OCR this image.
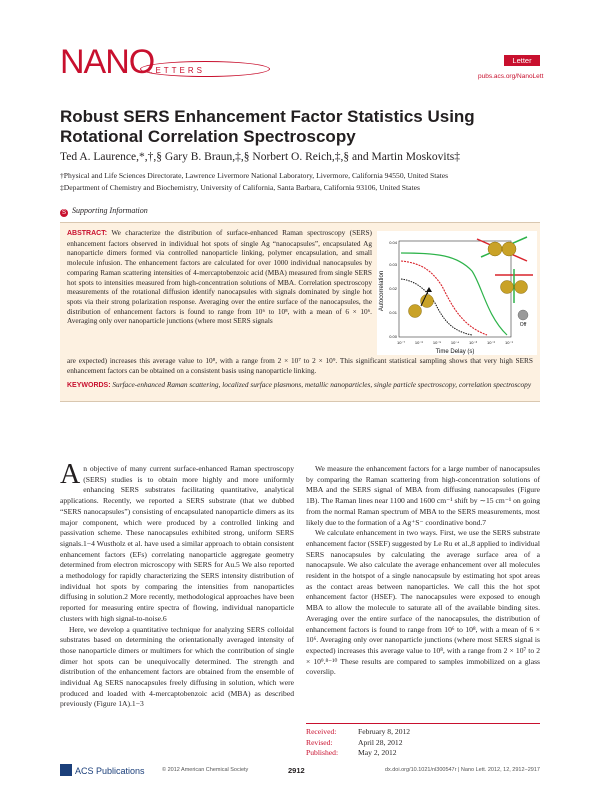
NANO
LETTERS
Letter
pubs.acs.org/NanoLett
Robust SERS Enhancement Factor Statistics Using Rotational Correlation Spectroscopy
Ted A. Laurence,*,†,§ Gary B. Braun,‡,§ Norbert O. Reich,‡,§ and Martin Moskovits‡
†Physical and Life Sciences Directorate, Lawrence Livermore National Laboratory, Livermore, California 94550, United States
‡Department of Chemistry and Biochemistry, University of California, Santa Barbara, California 93106, United States
S Supporting Information
ABSTRACT: We characterize the distribution of surface-enhanced Raman spectroscopy (SERS) enhancement factors observed in individual hot spots of single Ag “nanocapsules”, encapsulated Ag nanoparticle dimers formed via controlled nanoparticle linking, polymer encapsulation, and small molecule infusion. The enhancement factors are calculated for over 1000 individual nanocapsules by comparing Raman scattering intensities of 4-mercaptobenzoic acid (MBA) measured from single SERS hot spots to intensities measured from high-concentration solutions of MBA. Correlation spectroscopy measurements of the rotational diffusion identify nanocapsules with signals dominated by single hot spots via their strong polarization response. Averaging over the entire surface of the nanocapsules, the distribution of enhancement factors is found to range from 10⁶ to 10⁸, with a mean of 6 × 10⁶. Averaging only over nanoparticle junctions (where most SERS signals
are expected) increases this average value to 10⁸, with a range from 2 × 10⁷ to 2 × 10⁹. This significant statistical sampling shows that very high SERS enhancement factors can be obtained on a consistent basis using nanoparticle linking.
KEYWORDS: Surface-enhanced Raman scattering, localized surface plasmons, metallic nanoparticles, single particle spectroscopy, correlation spectroscopy
Autocorrelation
Time Delay (s)
0.00
0.01
0.02
0.03
0.04
10⁻⁷ 10⁻⁶ 10⁻⁵ 10⁻⁴ 10⁻³	10⁻²	10⁻¹
Off

An objective of many current surface-enhanced Raman spectroscopy (SERS) studies is to obtain more highly and more uniformly enhancing SERS substrates facilitating quantitative, analytical applications. Recently, we reported a SERS substrate (that we dubbed “SERS nanocapsules”) consisting of encapsulated nanoparticle dimers as its major component, which were produced by a controlled linking and passivation scheme. These nanocapsules exhibited strong, uniform SERS signals.1−4 Wustholz et al. have used a similar approach to obtain consistent enhancement factors (EFs) correlating nanoparticle aggregate geometry determined from electron microscopy with SERS for Au.5 We also reported a methodology for rapidly characterizing the SERS intensity distribution of individual hot spots by comparing the intensities from nanoparticles diffusing in solution.2 More recently, methodological approaches have been reported for measuring entire spectra of flowing, individual nanoparticle clusters with high signal-to-noise.6

Here, we develop a quantitative technique for analyzing SERS colloidal substrates based on determining the orientationally averaged intensity of those nanoparticle dimers or multimers for which the contribution of single dimer hot spots can be unequivocally determined. The strength and distribution of the enhancement factors are obtained from the ensemble of individual Ag SERS nanocapsules freely diffusing in solution, which were produced and loaded with 4-mercaptobenzoic acid (MBA) as described previously (Figure 1A).1−3

We measure the enhancement factors for a large number of nanocapsules by comparing the Raman scattering from high-concentration solutions of MBA and the SERS signal of MBA from diffusing nanocapsules (Figure 1B). The Raman lines near 1100 and 1600 cm⁻¹ shift by ∼15 cm⁻¹ on going from the normal Raman spectrum of MBA to the SERS measurements, most likely due to the formation of a Ag⁺S⁻ coordinative bond.7

We calculate enhancement in two ways. First, we use the SERS substrate enhancement factor (SSEF) suggested by Le Ru et al.,8 applied to individual SERS nanocapsules by calculating the average surface area of a nanocapsule. We also calculate the average enhancement over all molecules resident in the hotspot of a single nanocapsule by estimating hot spot areas as the contact areas between nanoparticles. We call this the hot spot enhancement factor (HSEF). The nanocapsules were exposed to enough MBA to allow the molecule to saturate all of the available binding sites. Averaging over the entire surface of the nanocapsules, the distribution of enhancement factors is found to range from 10⁶ to 10⁸, with a mean of 6 × 10⁶. Averaging only over nanoparticle junctions (where most SERS signal is expected) increases this average value to 10⁸, with a range from 2 × 10⁷ to 2 × 10⁹.⁸⁻¹⁰ These results are compared to samples immobilized on a glass coverslip.

Received:	February 8, 2012
Revised:	April 28, 2012
Published:	May 2, 2012
ACS Publications	© 2012 American Chemical Society	2912	dx.doi.org/10.1021/nl300547r | Nano Lett. 2012, 12, 2912−2917
